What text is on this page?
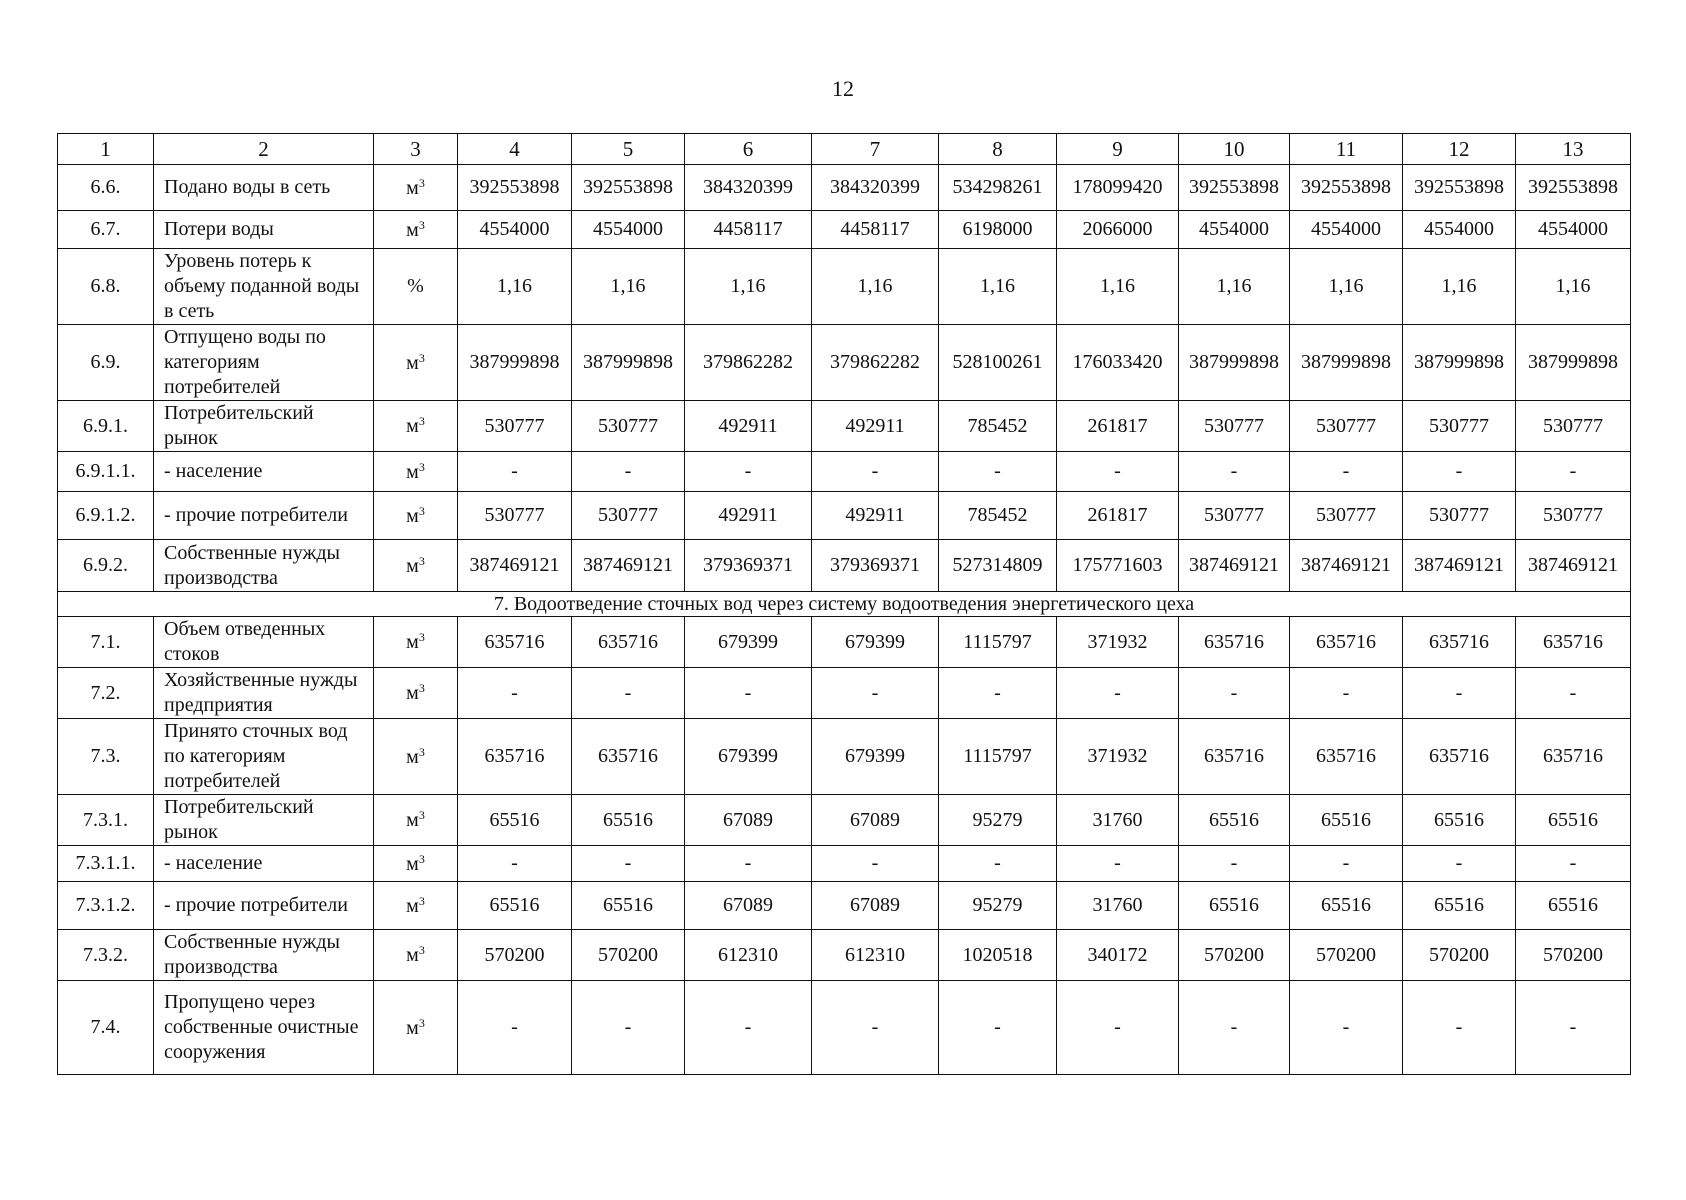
12
1	2	3	4	5	6	7	8	9	10	11	12	13
6.6.	Подано воды в сеть	$м^3$	392553898	392553898	384320399	384320399	534298261	178099420	392553898	392553898	392553898	392553898
6.7.	Потери воды	$м^3$	4554000	4554000	4458117	4458117	6198000	2066000	4554000	4554000	4554000	4554000
6.8.	Уровень потерь к объему поданной воды в сеть	%	1,16	1,16	1,16	1,16	1,16	1,16	1,16	1,16	1,16	1,16
6.9.	Отпущено воды по категориям потребителей	$м^3$	387999898	387999898	379862282	379862282	528100261	176033420	387999898	387999898	387999898	387999898
6.9.1.	Потребительский рынок	$м^3$	530777	530777	492911	492911	785452	261817	530777	530777	530777	530777
6.9.1.1.	- население	$м^3$	-	-	-	-	-	-	-	-	-	-
6.9.1.2.	- прочие потребители	$м^3$	530777	530777	492911	492911	785452	261817	530777	530777	530777	530777
6.9.2.	Собственные нужды производства	$м^3$	387469121	387469121	379369371	379369371	527314809	175771603	387469121	387469121	387469121	387469121
7. Водоотведение сточных вод через систему водоотведения энергетического цеха												
7.1.	Объем отведенных стоков	$м^3$	635716	635716	679399	679399	1115797	371932	635716	635716	635716	635716
7.2.	Хозяйственные нужды предприятия	$м^3$	-	-	-	-	-	-	-	-	-	-
7.3.	Принято сточных вод по категориям потребителей	$м^3$	635716	635716	679399	679399	1115797	371932	635716	635716	635716	635716
7.3.1.	Потребительский рынок	$м^3$	65516	65516	67089	67089	95279	31760	65516	65516	65516	65516
7.3.1.1.	- население	$м^3$	-	-	-	-	-	-	-	-	-	-
7.3.1.2.	- прочие потребители	$м^3$	65516	65516	67089	67089	95279	31760	65516	65516	65516	65516
7.3.2.	Собственные нужды производства	$м^3$	570200	570200	612310	612310	1020518	340172	570200	570200	570200	570200
7.4.	Пропущено через собственные очистные сооружения	$м^3$	-	-	-	-	-	-	-	-	-	-
